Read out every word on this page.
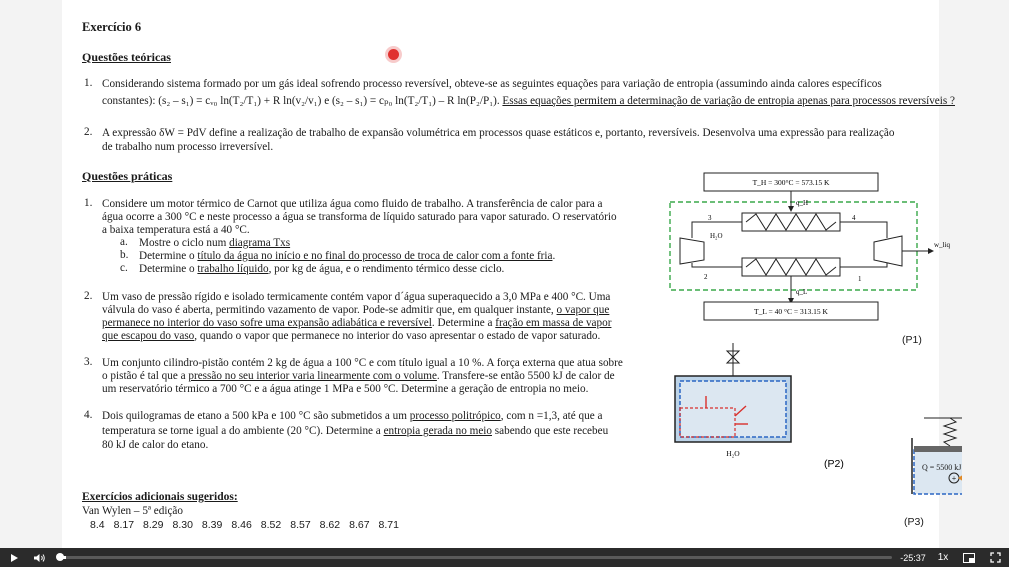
Exercício 6
Questões teóricas
1. Considerando sistema formado por um gás ideal sofrendo processo reversível, obteve-se as seguintes equações para variação de entropia (assumindo ainda calores específicos
constantes): (s₂ – s₁) = cᵥ₀ ln(T₂/T₁) + R ln(v₂/v₁) e (s₂ – s₁) = cₚ₀ ln(T₂/T₁) – R ln(P₂/P₁). Essas equações permitem a determinação de variação de entropia apenas para processos reversíveis ?
2. A expressão δW = PdV define a realização de trabalho de expansão volumétrica em processos quase estáticos e, portanto, reversíveis. Desenvolva uma expressão para realização
de trabalho num processo irreversível.
Questões práticas
1. Considere um motor térmico de Carnot que utiliza água como fluido de trabalho. A transferência de calor para a
água ocorre a 300 °C e neste processo a água se transforma de líquido saturado para vapor saturado. O reservatório
a baixa temperatura está a 40 °C.
a. Mostre o ciclo num diagrama Txs
b. Determine o título da água no início e no final do processo de troca de calor com a fonte fria.
c. Determine o trabalho líquido, por kg de água, e o rendimento térmico desse ciclo.
2. Um vaso de pressão rígido e isolado termicamente contém vapor d´água superaquecido a 3,0 MPa e 400 °C. Uma
válvula do vaso é aberta, permitindo vazamento de vapor. Pode-se admitir que, em qualquer instante, o vapor que
permanece no interior do vaso sofre uma expansão adiabática e reversível. Determine a fração em massa de vapor
que escapou do vaso, quando o vapor que permanece no interior do vaso apresentar o estado de vapor saturado.
3. Um conjunto cilindro-pistão contém 2 kg de água a 100 °C e com título igual a 10 %. A força externa que atua sobre
o pistão é tal que a pressão no seu interior varia linearmente com o volume. Transfere-se então 5500 kJ de calor de
um reservatório térmico a 700 °C e a água atinge 1 MPa e 500 °C. Determine a geração de entropia no meio.
4. Dois quilogramas de etano a 500 kPa e 100 °C são submetidos a um processo politrópico, com n =1,3, até que a
temperatura se torne igual a do ambiente (20 °C). Determine a entropia gerada no meio sabendo que este recebeu
80 kJ de calor do etano.
Exercícios adicionais sugeridos:
Van Wylen – 5ª edição
8.4 8.17 8.29 8.30 8.39 8.46 8.52 8.57 8.62 8.67 8.71
T_H = 300°C = 573.15 K
q_H
w_liq
H₂O
3	4
1
2
q_L
T_L = 40 °C = 313.15 K
H₂O
(P2)
+
Q = 5500 kJ
(P1)
(P3)
-25:37	1x
